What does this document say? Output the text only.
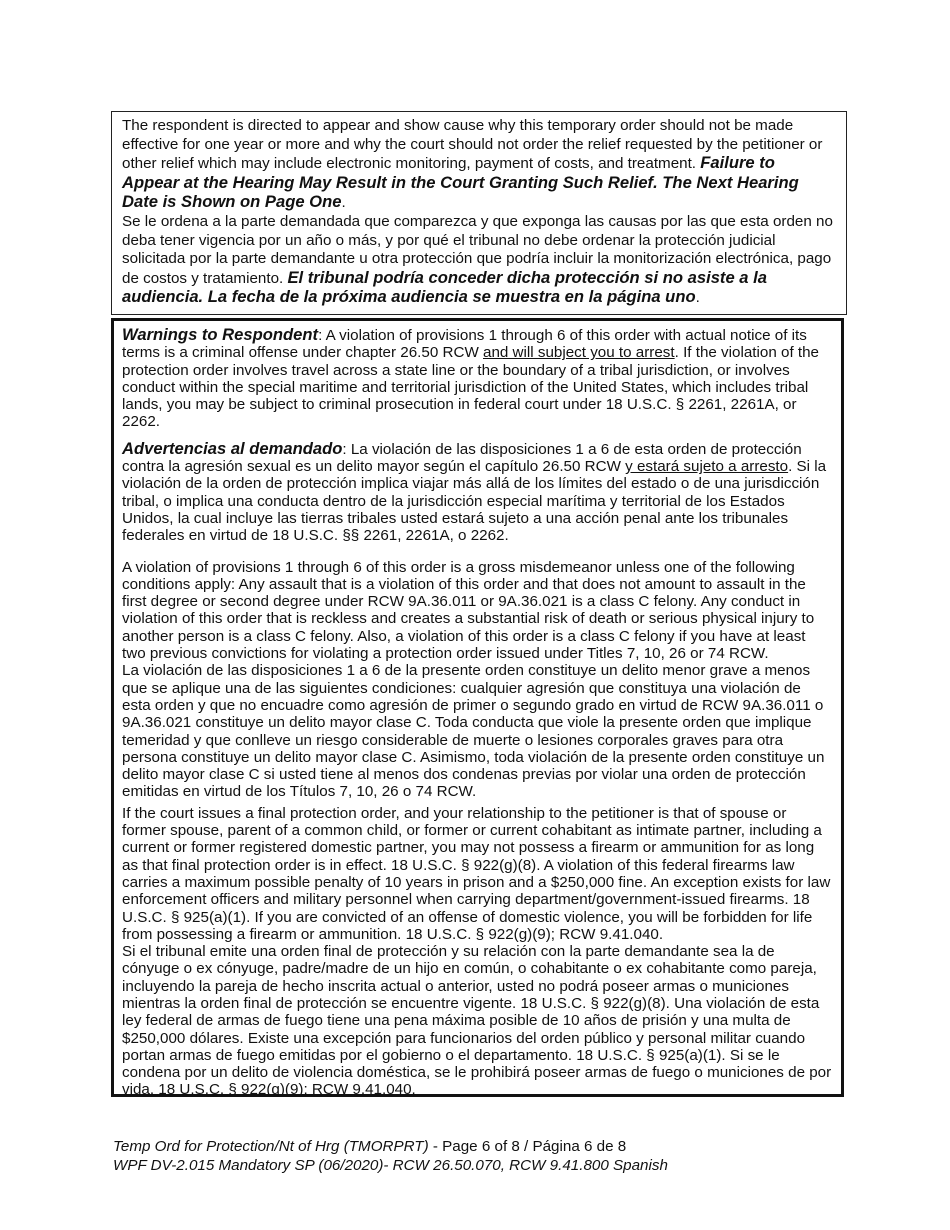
The respondent is directed to appear and show cause why this temporary order should not be made effective for one year or more and why the court should not order the relief requested by the petitioner or other relief which may include electronic monitoring, payment of costs, and treatment. Failure to Appear at the Hearing May Result in the Court Granting Such Relief. The Next Hearing Date is Shown on Page One.

Se le ordena a la parte demandada que comparezca y que exponga las causas por las que esta orden no deba tener vigencia por un año o más, y por qué el tribunal no debe ordenar la protección judicial solicitada por la parte demandante u otra protección que podría incluir la monitorización electrónica, pago de costos y tratamiento. El tribunal podría conceder dicha protección si no asiste a la audiencia. La fecha de la próxima audiencia se muestra en la página uno.

Warnings to Respondent: A violation of provisions 1 through 6 of this order with actual notice of its terms is a criminal offense under chapter 26.50 RCW and will subject you to arrest. If the violation of the protection order involves travel across a state line or the boundary of a tribal jurisdiction, or involves conduct within the special maritime and territorial jurisdiction of the United States, which includes tribal lands, you may be subject to criminal prosecution in federal court under 18 U.S.C. § 2261, 2261A, or 2262.

Advertencias al demandado: La violación de las disposiciones 1 a 6 de esta orden de protección contra la agresión sexual es un delito mayor según el capítulo 26.50 RCW y estará sujeto a arresto. Si la violación de la orden de protección implica viajar más allá de los límites del estado o de una jurisdicción tribal, o implica una conducta dentro de la jurisdicción especial marítima y territorial de los Estados Unidos, la cual incluye las tierras tribales usted estará sujeto a una acción penal ante los tribunales federales en virtud de 18 U.S.C. §§ 2261, 2261A, o 2262.

A violation of provisions 1 through 6 of this order is a gross misdemeanor unless one of the following conditions apply: Any assault that is a violation of this order and that does not amount to assault in the first degree or second degree under RCW 9A.36.011 or 9A.36.021 is a class C felony. Any conduct in violation of this order that is reckless and creates a substantial risk of death or serious physical injury to another person is a class C felony. Also, a violation of this order is a class C felony if you have at least two previous convictions for violating a protection order issued under Titles 7, 10, 26 or 74 RCW.

La violación de las disposiciones 1 a 6 de la presente orden constituye un delito menor grave a menos que se aplique una de las siguientes condiciones: cualquier agresión que constituya una violación de esta orden y que no encuadre como agresión de primer o segundo grado en virtud de RCW 9A.36.011 o 9A.36.021 constituye un delito mayor clase C. Toda conducta que viole la presente orden que implique temeridad y que conlleve un riesgo considerable de muerte o lesiones corporales graves para otra persona constituye un delito mayor clase C. Asimismo, toda violación de la presente orden constituye un delito mayor clase C si usted tiene al menos dos condenas previas por violar una orden de protección emitidas en virtud de los Títulos 7, 10, 26 o 74 RCW.

If the court issues a final protection order, and your relationship to the petitioner is that of spouse or former spouse, parent of a common child, or former or current cohabitant as intimate partner, including a current or former registered domestic partner, you may not possess a firearm or ammunition for as long as that final protection order is in effect. 18 U.S.C. § 922(g)(8). A violation of this federal firearms law carries a maximum possible penalty of 10 years in prison and a $250,000 fine. An exception exists for law enforcement officers and military personnel when carrying department/government-issued firearms. 18 U.S.C. § 925(a)(1). If you are convicted of an offense of domestic violence, you will be forbidden for life from possessing a firearm or ammunition. 18 U.S.C. § 922(g)(9); RCW 9.41.040.

Si el tribunal emite una orden final de protección y su relación con la parte demandante sea la de cónyuge o ex cónyuge, padre/madre de un hijo en común, o cohabitante o ex cohabitante como pareja, incluyendo la pareja de hecho inscrita actual o anterior, usted no podrá poseer armas o municiones mientras la orden final de protección se encuentre vigente. 18 U.S.C. § 922(g)(8). Una violación de esta ley federal de armas de fuego tiene una pena máxima posible de 10 años de prisión y una multa de $250,000 dólares. Existe una excepción para funcionarios del orden público y personal militar cuando portan armas de fuego emitidas por el gobierno o el departamento. 18 U.S.C. § 925(a)(1). Si se le condena por un delito de violencia doméstica, se le prohibirá poseer armas de fuego o municiones de por vida. 18 U.S.C. § 922(g)(9); RCW 9.41.040.

Temp Ord for Protection/Nt of Hrg (TMORPRT) - Page 6 of 8 / Página 6 de 8
WPF DV-2.015 Mandatory SP (06/2020)- RCW 26.50.070, RCW 9.41.800 Spanish
